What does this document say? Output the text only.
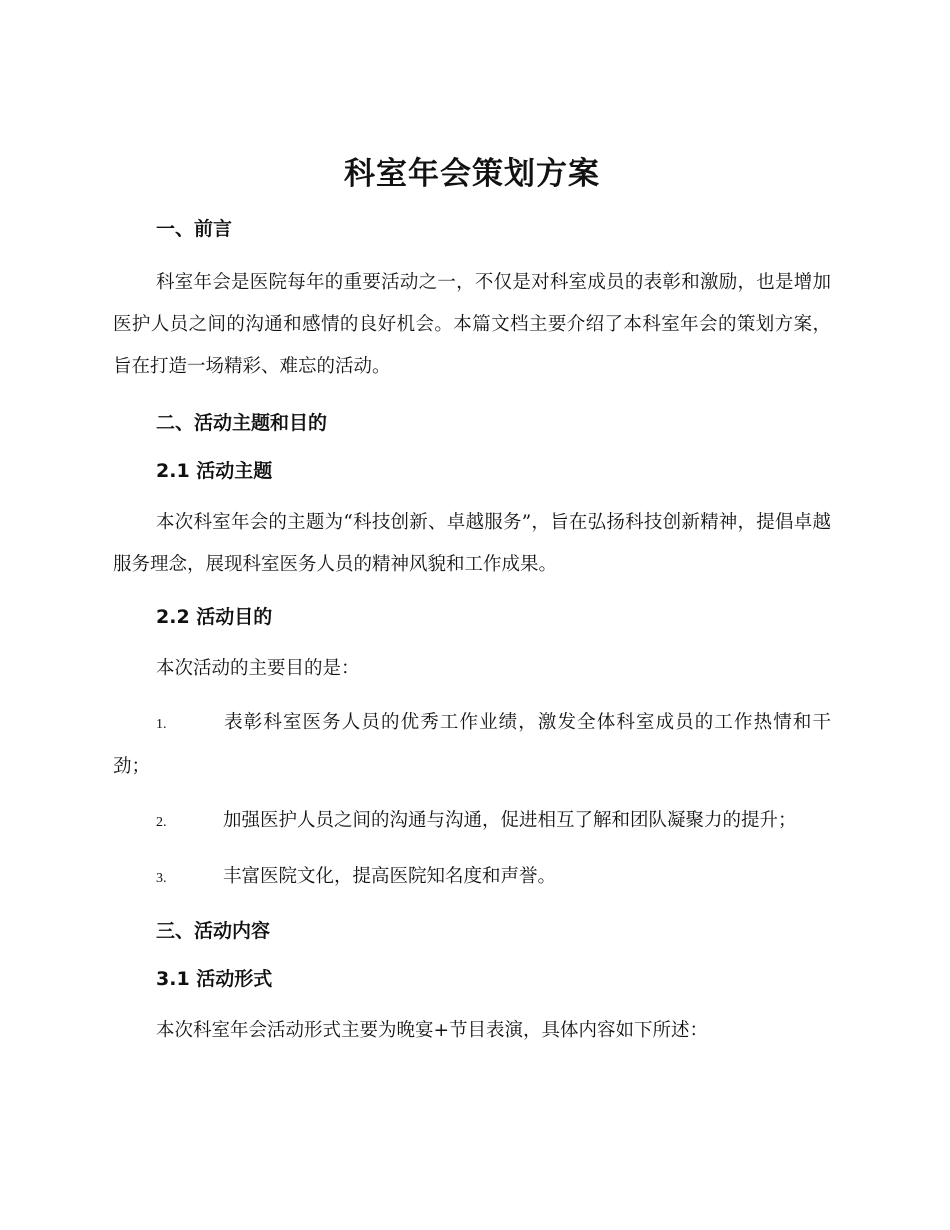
科室年会策划方案
一、前言

科室年会是医院每年的重要活动之一，不仅是对科室成员的表彰和激励，也是增加医护人员之间的沟通和感情的良好机会。本篇文档主要介绍了本科室年会的策划方案，旨在打造一场精彩、难忘的活动。

二、活动主题和目的
2.1 活动主题

本次科室年会的主题为“科技创新、卓越服务”，旨在弘扬科技创新精神，提倡卓越服务理念，展现科室医务人员的精神风貌和工作成果。

2.2 活动目的

本次活动的主要目的是：

1.	表彰科室医务人员的优秀工作业绩，激发全体科室成员的工作热情和干劲；

2.	加强医护人员之间的沟通与沟通，促进相互了解和团队凝聚力的提升；

3.	丰富医院文化，提高医院知名度和声誉。

三、活动内容
3.1 活动形式

本次科室年会活动形式主要为晚宴+节目表演，具体内容如下所述：
